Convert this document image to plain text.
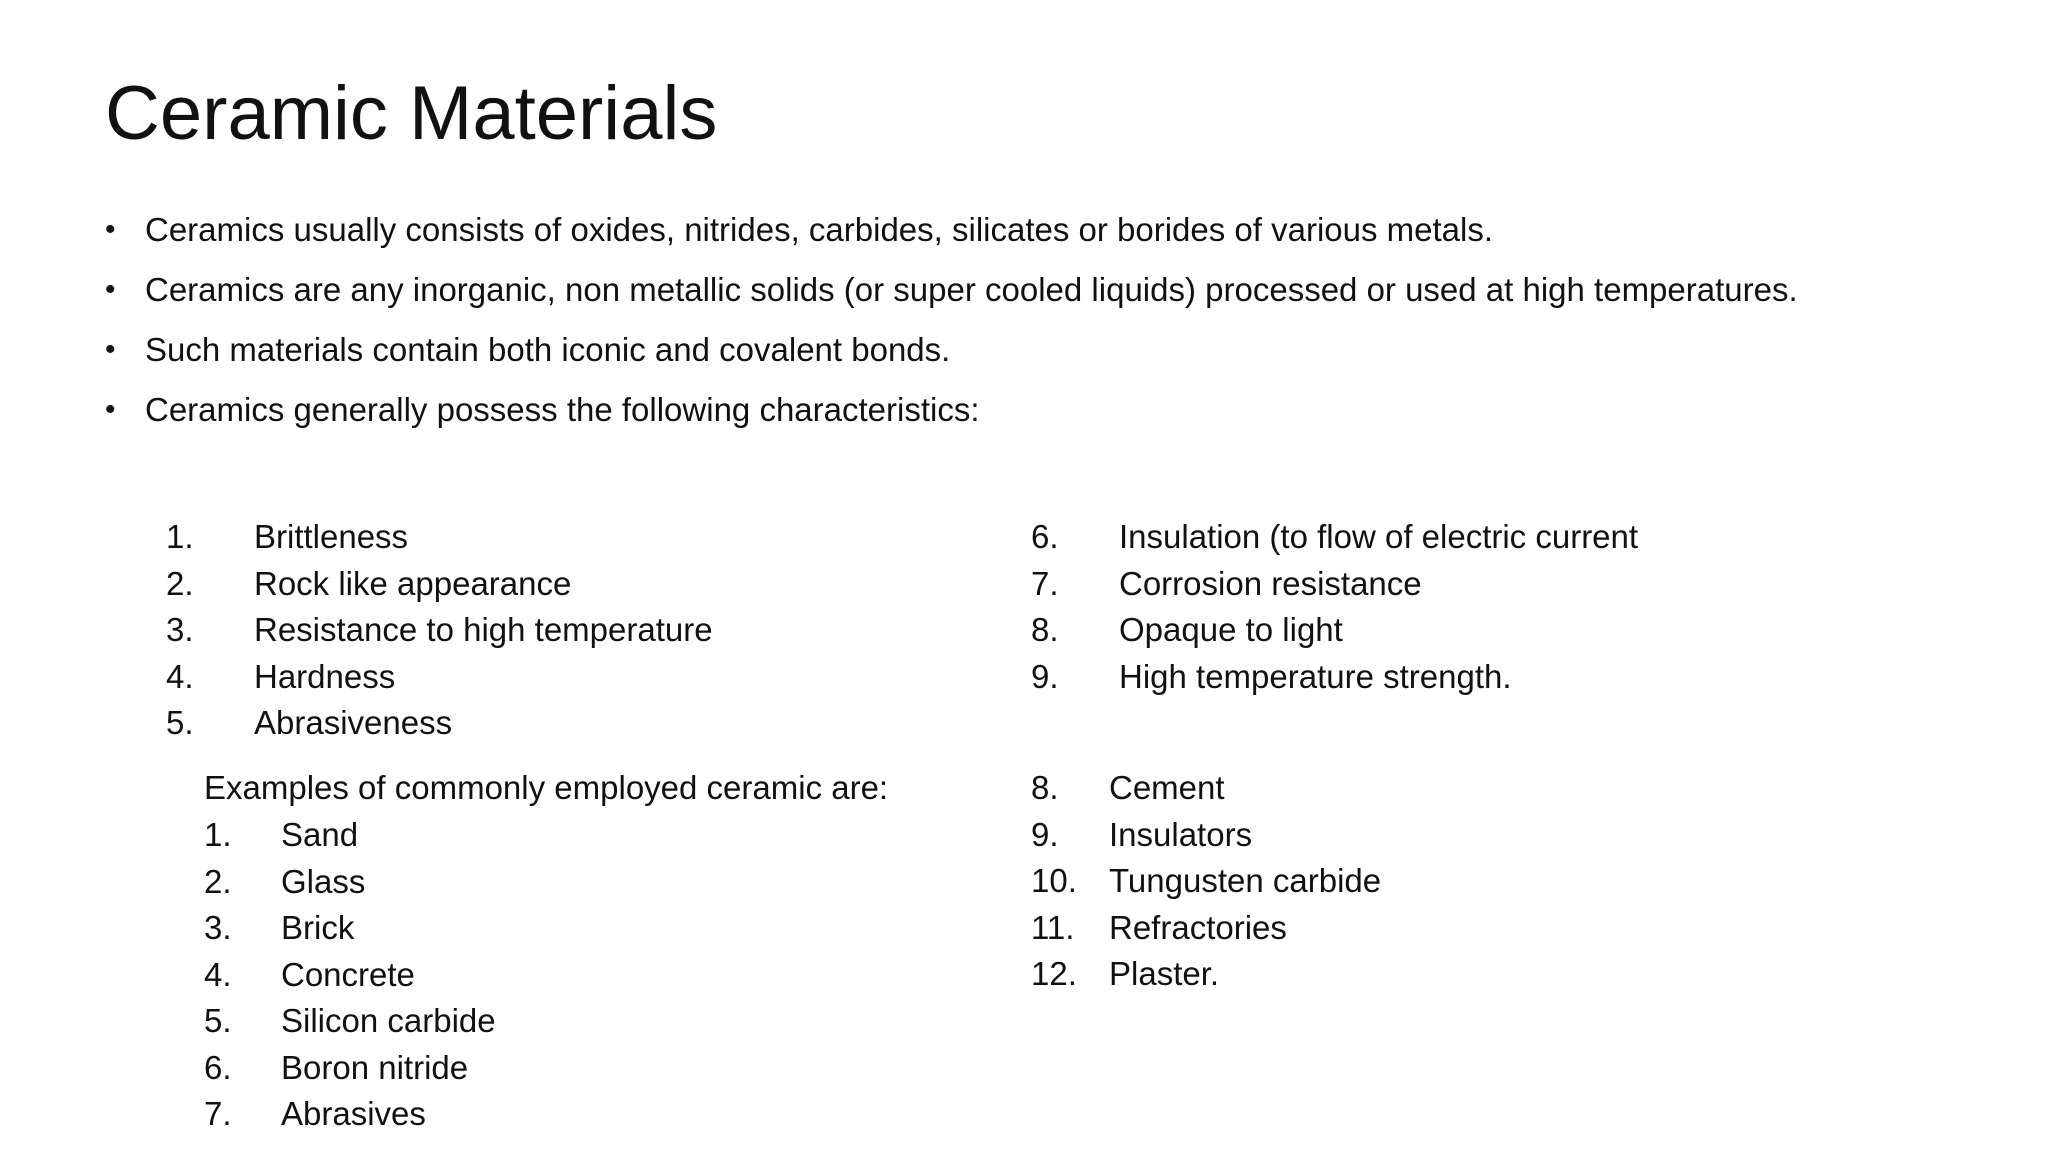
Ceramic Materials
• Ceramics usually consists of oxides, nitrides, carbides, silicates or borides of various metals.
• Ceramics are any inorganic, non metallic solids (or super cooled liquids) processed or used at high temperatures.
• Such materials contain both iconic and covalent bonds.
• Ceramics generally possess the following characteristics:
1. Brittleness
2. Rock like appearance
3. Resistance to high temperature
4. Hardness
5. Abrasiveness
6. Insulation (to flow of electric current
7. Corrosion resistance
8. Opaque to light
9. High temperature strength.
Examples of commonly employed ceramic are:
1. Sand
2. Glass
3. Brick
4. Concrete
5. Silicon carbide
6. Boron nitride
7. Abrasives
8. Cement
9. Insulators
10. Tungusten carbide
11. Refractories
12. Plaster.
